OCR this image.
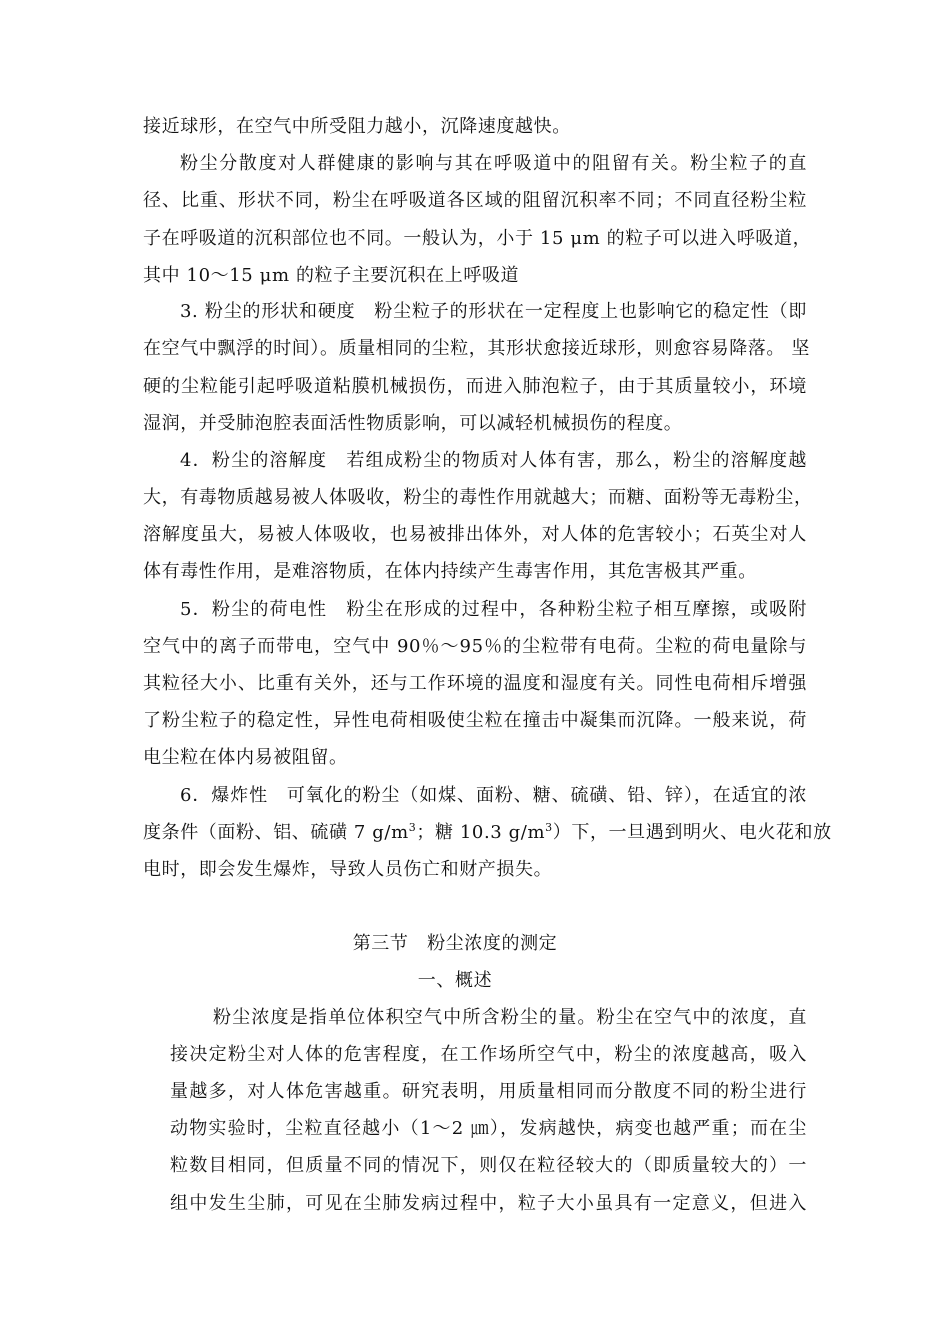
接近球形，在空气中所受阻力越小，沉降速度越快。
粉尘分散度对人群健康的影响与其在呼吸道中的阻留有关。粉尘粒子的直
径、比重、形状不同，粉尘在呼吸道各区域的阻留沉积率不同；不同直径粉尘粒
子在呼吸道的沉积部位也不同。一般认为，小于 15 μm 的粒子可以进入呼吸道，
其中 10～15 μm 的粒子主要沉积在上呼吸道
3. 粉尘的形状和硬度　粉尘粒子的形状在一定程度上也影响它的稳定性（即
在空气中飘浮的时间）。质量相同的尘粒，其形状愈接近球形，则愈容易降落。 坚
硬的尘粒能引起呼吸道粘膜机械损伤，而进入肺泡粒子，由于其质量较小，环境
湿润，并受肺泡腔表面活性物质影响，可以减轻机械损伤的程度。
4．粉尘的溶解度　若组成粉尘的物质对人体有害，那么，粉尘的溶解度越
大，有毒物质越易被人体吸收，粉尘的毒性作用就越大；而糖、面粉等无毒粉尘，
溶解度虽大，易被人体吸收，也易被排出体外，对人体的危害较小；石英尘对人
体有毒性作用，是难溶物质，在体内持续产生毒害作用，其危害极其严重。
5．粉尘的荷电性　粉尘在形成的过程中，各种粉尘粒子相互摩擦，或吸附
空气中的离子而带电，空气中 90％～95％的尘粒带有电荷。尘粒的荷电量除与
其粒径大小、比重有关外，还与工作环境的温度和湿度有关。同性电荷相斥增强
了粉尘粒子的稳定性，异性电荷相吸使尘粒在撞击中凝集而沉降。一般来说，荷
电尘粒在体内易被阻留。
6．爆炸性　可氧化的粉尘（如煤、面粉、糖、硫磺、铅、锌），在适宜的浓
度条件（面粉、铝、硫磺 7 $g/m^3$；糖 10.3 $g/m^3$）下，一旦遇到明火、电火花和放
电时，即会发生爆炸，导致人员伤亡和财产损失。
第三节　粉尘浓度的测定
一、概述
粉尘浓度是指单位体积空气中所含粉尘的量。粉尘在空气中的浓度，直
接决定粉尘对人体的危害程度，在工作场所空气中，粉尘的浓度越高，吸入
量越多，对人体危害越重。研究表明，用质量相同而分散度不同的粉尘进行
动物实验时，尘粒直径越小（1～2 ㎛），发病越快，病变也越严重；而在尘
粒数目相同，但质量不同的情况下，则仅在粒径较大的（即质量较大的）一
组中发生尘肺，可见在尘肺发病过程中，粒子大小虽具有一定意义，但进入
